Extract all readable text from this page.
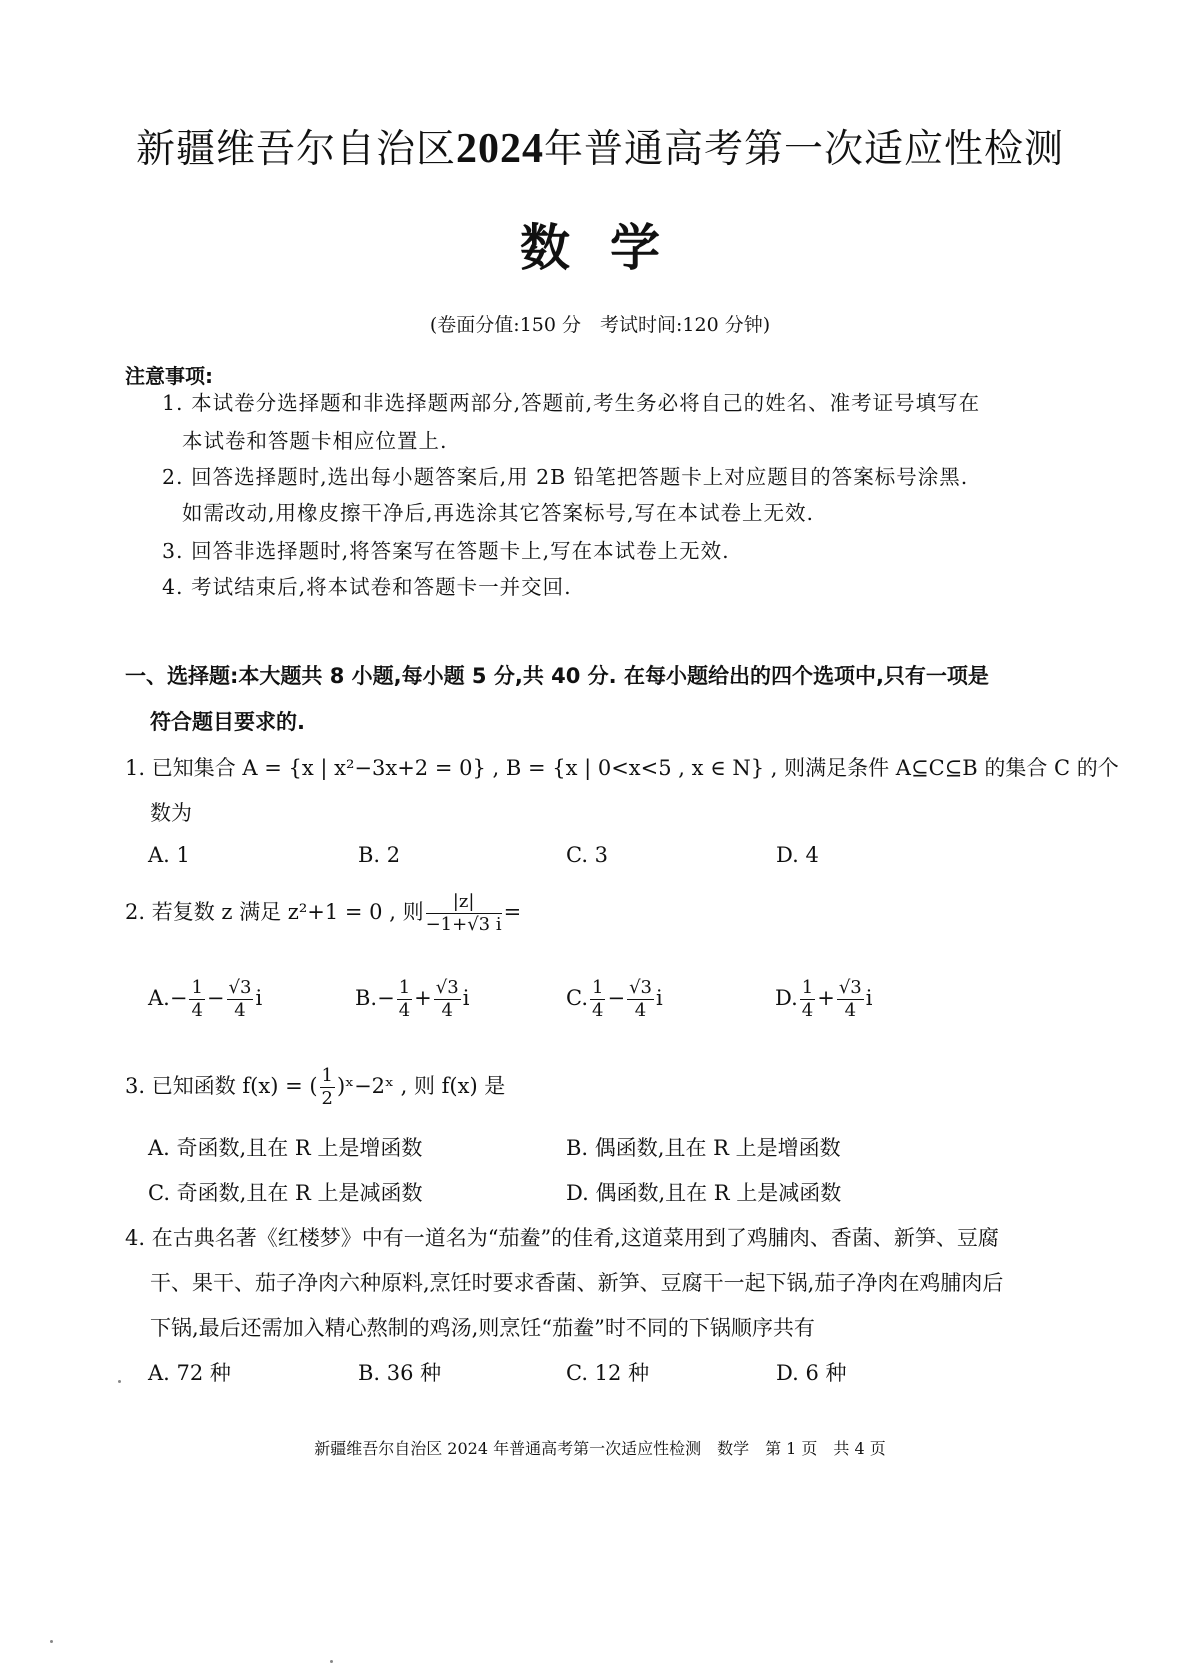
新疆维吾尔自治区2024年普通高考第一次适应性检测
数学
(卷面分值:150 分　考试时间:120 分钟)
注意事项:
1. 本试卷分选择题和非选择题两部分,答题前,考生务必将自己的姓名、准考证号填写在
本试卷和答题卡相应位置上.
2. 回答选择题时,选出每小题答案后,用 2B 铅笔把答题卡上对应题目的答案标号涂黑.
如需改动,用橡皮擦干净后,再选涂其它答案标号,写在本试卷上无效.
3. 回答非选择题时,将答案写在答题卡上,写在本试卷上无效.
4. 考试结束后,将本试卷和答题卡一并交回.
一、选择题:本大题共 8 小题,每小题 5 分,共 40 分. 在每小题给出的四个选项中,只有一项是
符合题目要求的.
1. 已知集合 A = {x | x²−3x+2 = 0} , B = {x | 0<x<5 , x ∈ N} , 则满足条件 A⊆C⊆B 的集合 C 的个
数为
A. 1	B. 2	C. 3	D. 4
2. 若复数 z 满足 z²+1 = 0 , 则 $\frac{|z|}{-1+√3 i}$ =
$A.- \frac{1}{4} - \frac{√3}{4}$ i	$B.- \frac{1}{4} + \frac{√3}{4}$ i	C. $\frac{1}{4} - \frac{√3}{4}$ i	D. $\frac{1}{4} + \frac{√3}{4}$ i
3. 已知函数 f(x) = ( $\frac{1}{2}$ )ˣ−2ˣ , 则 f(x) 是
A. 奇函数,且在 R 上是增函数	B. 偶函数,且在 R 上是增函数
C. 奇函数,且在 R 上是减函数	D. 偶函数,且在 R 上是减函数
4. 在古典名著《红楼梦》中有一道名为“茄鲞”的佳肴,这道菜用到了鸡脯肉、香菌、新笋、豆腐
干、果干、茄子净肉六种原料,烹饪时要求香菌、新笋、豆腐干一起下锅,茄子净肉在鸡脯肉后
下锅,最后还需加入精心熬制的鸡汤,则烹饪“茄鲞”时不同的下锅顺序共有
A. 72 种	B. 36 种	C. 12 种	D. 6 种
新疆维吾尔自治区 2024 年普通高考第一次适应性检测　数学　第 1 页　共 4 页
